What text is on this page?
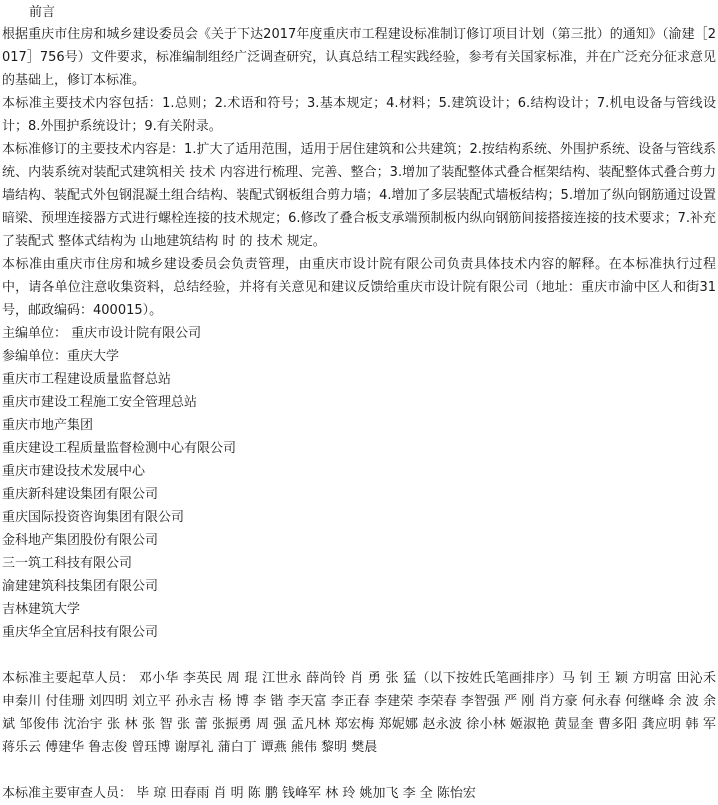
前言

根据重庆市住房和城乡建设委员会《关于下达2017年度重庆市工程建设标准制订修订项目计划（第三批）的通知》（渝建［2017］756号）文件要求，标准编制组经广泛调查研究，认真总结工程实践经验，参考有关国家标准，并在广泛充分征求意见的基础上，修订本标准。

本标准主要技术内容包括：1.总则；2.术语和符号；3.基本规定；4.材料；5.建筑设计；6.结构设计；7.机电设备与管线设计；8.外围护系统设计；9.有关附录。

本标准修订的主要技术内容是：1.扩大了适用范围，适用于居住建筑和公共建筑；2.按结构系统、外围护系统、设备与管线系统、内装系统对装配式建筑相关 技术 内容进行梳理、完善、整合；3.增加了装配整体式叠合框架结构、装配整体式叠合剪力墙结构、装配式外包钢混凝土组合结构、装配式钢板组合剪力墙；4.增加了多层装配式墙板结构；5.增加了纵向钢筋通过设置暗梁、预埋连接器方式进行螺栓连接的技术规定；6.修改了叠合板支承端预制板内纵向钢筋间接搭接连接的技术要求；7.补充了装配式 整体式结构为 山地建筑结构 时 的 技术 规定。

本标准由重庆市住房和城乡建设委员会负责管理，由重庆市设计院有限公司负责具体技术内容的解释。在本标准执行过程中，请各单位注意收集资料，总结经验，并将有关意见和建议反馈给重庆市设计院有限公司（地址：重庆市渝中区人和街31号，邮政编码：400015）。

主编单位： 重庆市设计院有限公司

参编单位：重庆大学

重庆市工程建设质量监督总站

重庆市建设工程施工安全管理总站

重庆市地产集团

重庆建设工程质量监督检测中心有限公司

重庆市建设技术发展中心

重庆新科建设集团有限公司

重庆国际投资咨询集团有限公司

金科地产集团股份有限公司

三一筑工科技有限公司

渝建建筑科技集团有限公司

吉林建筑大学

重庆华全宜居科技有限公司

本标准主要起草人员： 邓小华 李英民 周 琨 江世永 薛尚铃 肖 勇 张 猛（以下按姓氏笔画排序）马 钊 王 颖 方明富 田沁禾 申秦川 付佳珊 刘四明 刘立平 孙永吉 杨 博 李 锴 李天富 李正春 李建荣 李荣春 李智强 严 刚 肖方豪 何永春 何继峰 余 波 余 斌 邹俊伟 沈治宇 张 林 张 智 张 蕾 张振勇 周 强 孟凡林 郑宏梅 郑妮娜 赵永波 徐小林 姬淑艳 黄显奎 曹多阳 龚应明 韩 军 蒋乐云 傅建华 鲁志俊 曾珏博 谢厚礼 蒲白丁 谭燕 熊伟 黎明 樊晨

本标准主要审查人员： 毕 琼 田春雨 肖 明 陈 鹏 钱峰军 林 玲 姚加飞 李 全 陈怡宏
